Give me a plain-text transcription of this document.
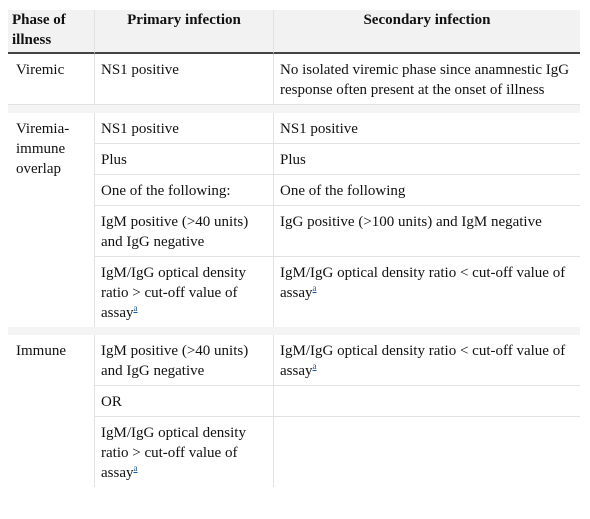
Phase of illness	Primary infection	Secondary infection
Viremic	NS1 positive	No isolated viremic phase since anamnestic IgG response often present at the onset of illness

Viremia-immune overlap	NS1 positive	NS1 positive
	Plus	Plus
	One of the following:	One of the following
	IgM positive (>40 units) and IgG negative	IgG positive (>100 units) and IgM negative
	IgM/IgG optical density ratio > cut-off value of assay$^a$	IgM/IgG optical density ratio < cut-off value of assay$^a$

Immune	IgM positive (>40 units) and IgG negative	IgM/IgG optical density ratio < cut-off value of assay$^a$
	OR	
	IgM/IgG optical density ratio > cut-off value of assay$^a$	
